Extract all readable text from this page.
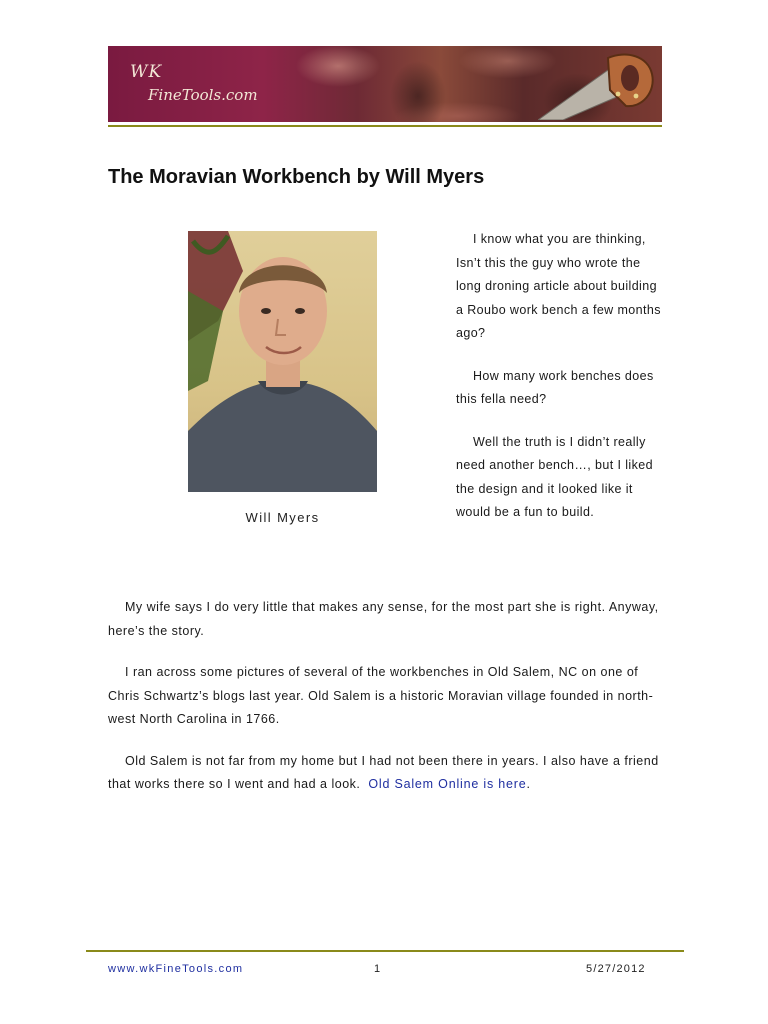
WK
FineTools.com
The Moravian Workbench by Will Myers
Will Myers

I know what you are thinking, Isn’t this the guy who wrote the long droning article about building a Roubo work bench a few months ago?

How many work benches does this fella need?

Well the truth is I didn’t really need another bench…, but I liked the design and it looked like it would be a fun to build.

My wife says I do very little that makes any sense, for the most part she is right. Anyway, here’s the story.

I ran across some pictures of several of the workbenches in Old Salem, NC on one of Chris Schwartz’s blogs last year. Old Salem is a historic Moravian village founded in north-west North Carolina in 1766.

Old Salem is not far from my home but I had not been there in years. I also have a friend that works there so I went and had a look. Old Salem Online is here.

www.wkFineTools.com	1	5/27/2012
